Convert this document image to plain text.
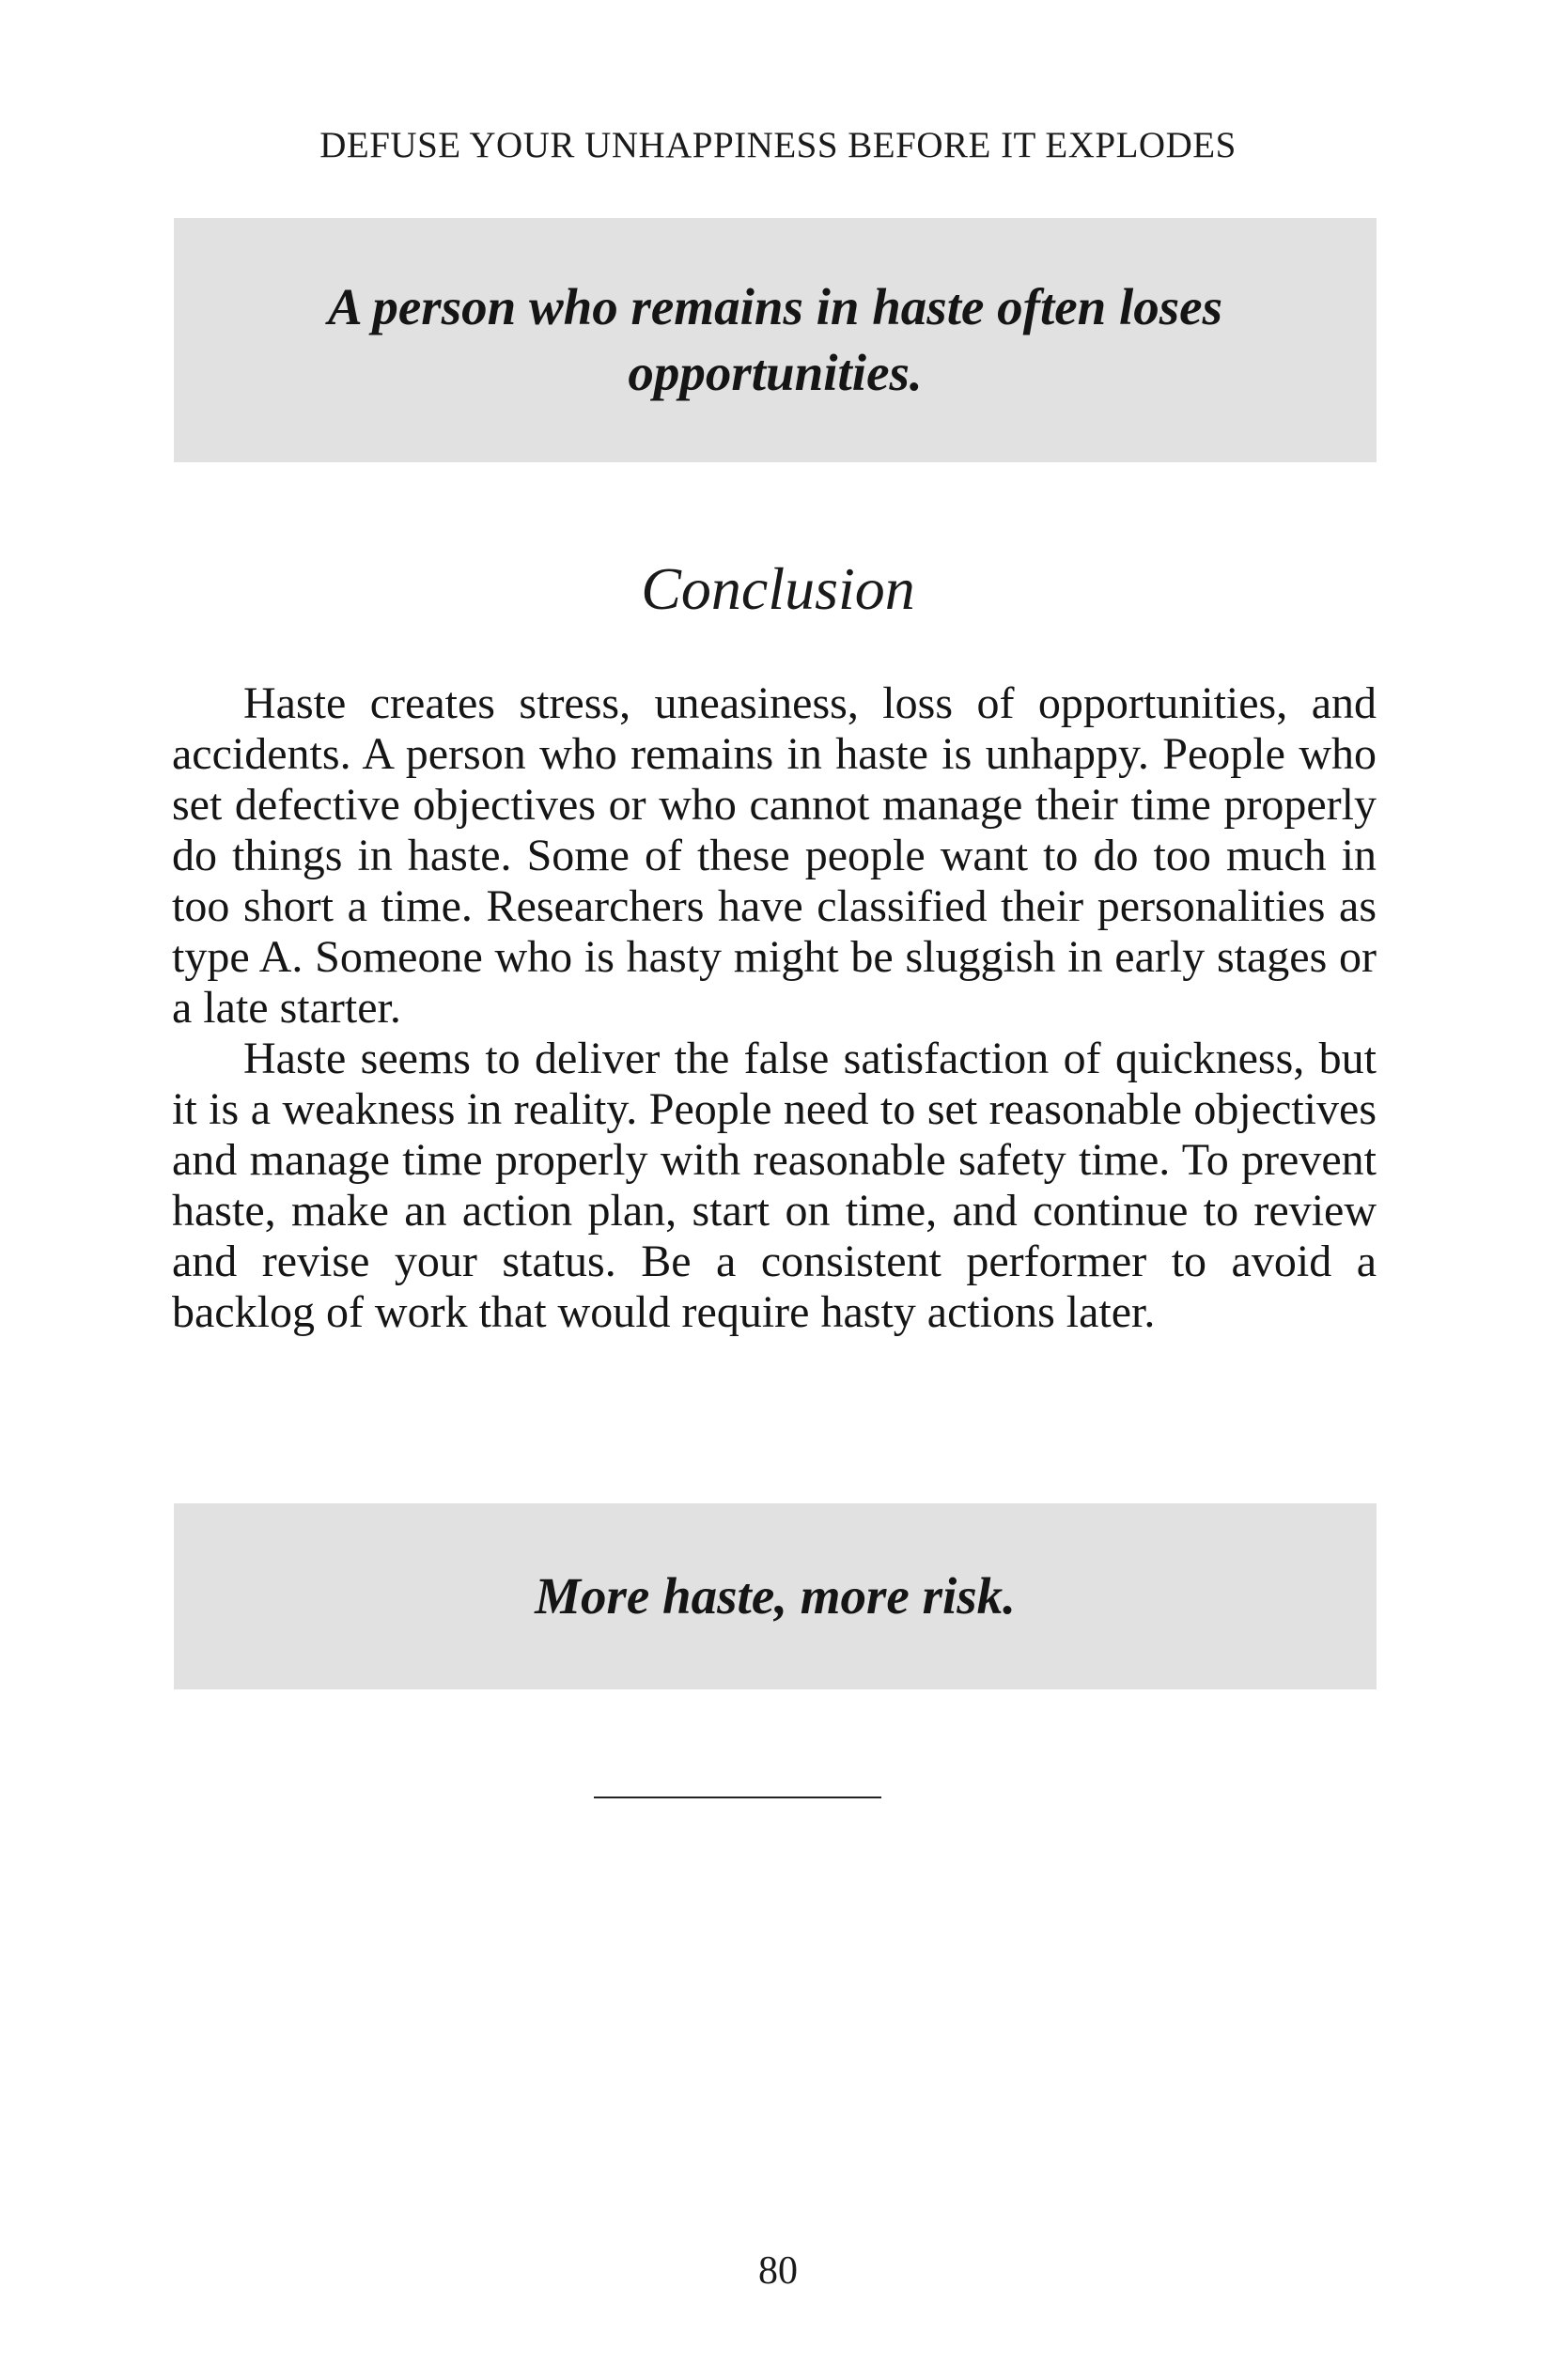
DEFUSE YOUR UNHAPPINESS BEFORE IT EXPLODES
A person who remains in haste often loses opportunities.
Conclusion

Haste creates stress, uneasiness, loss of opportunities, and accidents. A person who remains in haste is unhappy. People who set defective objectives or who cannot manage their time properly do things in haste. Some of these people want to do too much in too short a time. Researchers have classified their personalities as type A. Someone who is hasty might be sluggish in early stages or a late starter.

Haste seems to deliver the false satisfaction of quickness, but it is a weakness in reality. People need to set reasonable objectives and manage time properly with reasonable safety time. To prevent haste, make an action plan, start on time, and continue to review and revise your status. Be a consistent performer to avoid a backlog of work that would require hasty actions later.

More haste, more risk.
80
